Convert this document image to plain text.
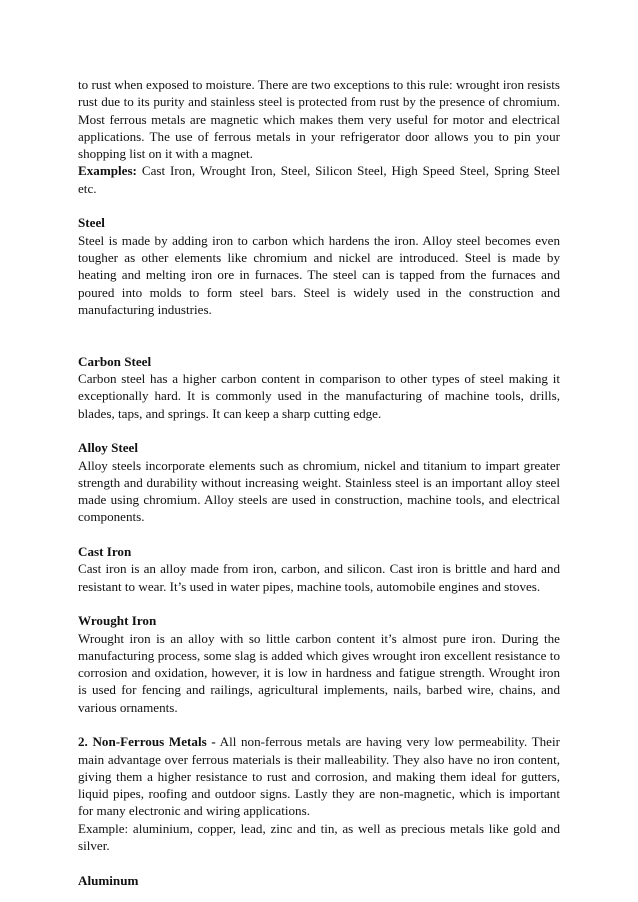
to rust when exposed to moisture. There are two exceptions to this rule: wrought iron resists rust due to its purity and stainless steel is protected from rust by the presence of chromium. Most ferrous metals are magnetic which makes them very useful for motor and electrical applications. The use of ferrous metals in your refrigerator door allows you to pin your shopping list on it with a magnet.

Examples: Cast Iron, Wrought Iron, Steel, Silicon Steel, High Speed Steel, Spring Steel etc.

Steel

Steel is made by adding iron to carbon which hardens the iron. Alloy steel becomes even tougher as other elements like chromium and nickel are introduced. Steel is made by heating and melting iron ore in furnaces. The steel can is tapped from the furnaces and poured into molds to form steel bars. Steel is widely used in the construction and manufacturing industries.

Carbon Steel

Carbon steel has a higher carbon content in comparison to other types of steel making it exceptionally hard. It is commonly used in the manufacturing of machine tools, drills, blades, taps, and springs. It can keep a sharp cutting edge.

Alloy Steel

Alloy steels incorporate elements such as chromium, nickel and titanium to impart greater strength and durability without increasing weight. Stainless steel is an important alloy steel made using chromium. Alloy steels are used in construction, machine tools, and electrical components.

Cast Iron

Cast iron is an alloy made from iron, carbon, and silicon. Cast iron is brittle and hard and resistant to wear. It’s used in water pipes, machine tools, automobile engines and stoves.

Wrought Iron

Wrought iron is an alloy with so little carbon content it’s almost pure iron. During the manufacturing process, some slag is added which gives wrought iron excellent resistance to corrosion and oxidation, however, it is low in hardness and fatigue strength. Wrought iron is used for fencing and railings, agricultural implements, nails, barbed wire, chains, and various ornaments.

2. Non-Ferrous Metals - All non-ferrous metals are having very low permeability. Their main advantage over ferrous materials is their malleability. They also have no iron content, giving them a higher resistance to rust and corrosion, and making them ideal for gutters, liquid pipes, roofing and outdoor signs. Lastly they are non-magnetic, which is important for many electronic and wiring applications.

Example: aluminium, copper, lead, zinc and tin, as well as precious metals like gold and silver.

Aluminum
